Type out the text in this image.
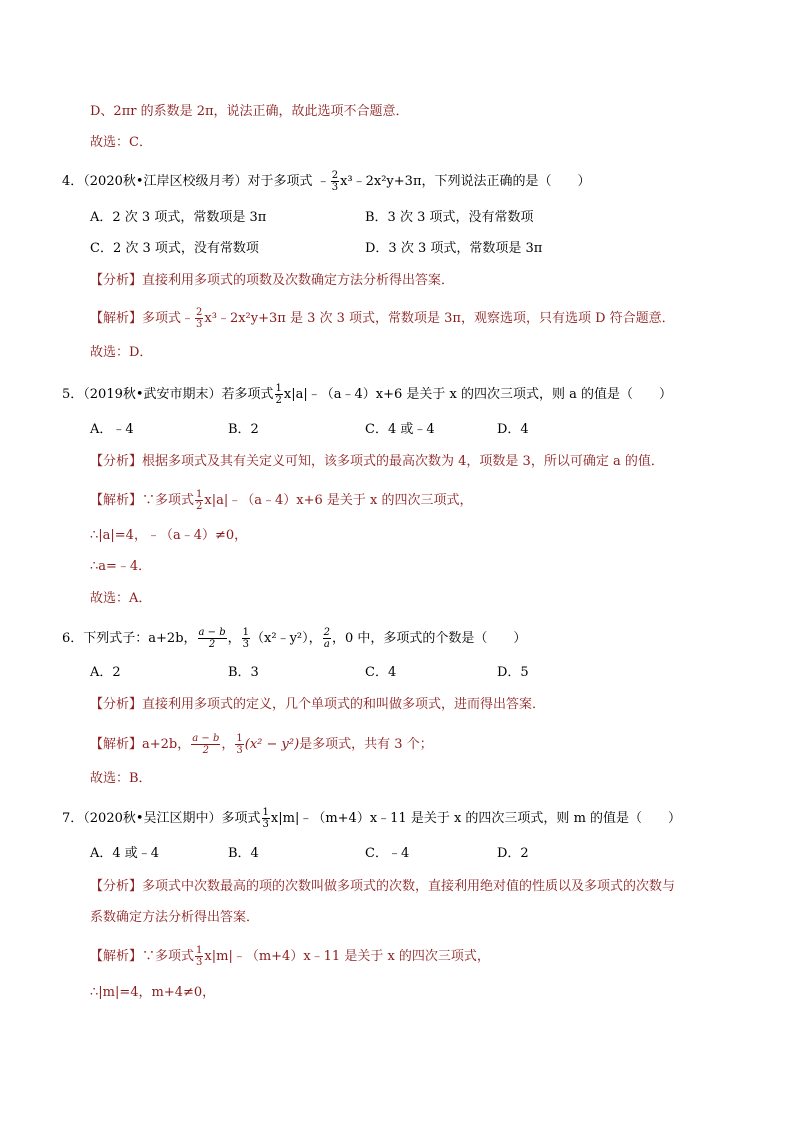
D、2πr 的系数是 2π，说法正确，故此选项不合题意．
故选：C．
4．（2020秋•江岸区校级月考）对于多项式 ﹣ $\frac{2}{3}$ x³﹣2x²y+3π，下列说法正确的是（　　）
A．2 次 3 项式，常数项是 3π	B．3 次 3 项式，没有常数项
C．2 次 3 项式，没有常数项	D．3 次 3 项式，常数项是 3π
【分析】直接利用多项式的项数及次数确定方法分析得出答案．
【解析】多项式﹣ $\frac{2}{3}$ x³﹣2x²y+3π 是 3 次 3 项式，常数项是 3π，观察选项，只有选项 D 符合题意．
故选：D．
5．（2019秋•武安市期末）若多项式 $\frac{1}{2}$ x|a|﹣（a﹣4）x+6 是关于 x 的四次三项式，则 a 的值是（　　）
A．﹣4	B．2	C．4 或﹣4	D．4
【分析】根据多项式及其有关定义可知，该多项式的最高次数为 4，项数是 3，所以可确定 a 的值．
【解析】∵多项式 $\frac{1}{2}$ x|a|﹣（a﹣4）x+6 是关于 x 的四次三项式，
∴|a|=4，﹣（a﹣4）≠0，
∴a=﹣4．
故选：A．
6．下列式子：a+2b， $\frac{a - b}{2}$ ， $\frac{1}{3}$ （x²﹣y²）， $\frac{2}{a}$ ，0 中，多项式的个数是（　　）
A．2	B．3	C．4	D．5
【分析】直接利用多项式的定义，几个单项式的和叫做多项式，进而得出答案．
【解析】a+2b， $\frac{a - b}{2}$ ， $\frac{1}{3} (x^2 - y^2)$是多项式，共有 3 个；
故选：B．
7．（2020秋•吴江区期中）多项式 $\frac{1}{3}$ x|m|﹣（m+4）x﹣11 是关于 x 的四次三项式，则 m 的值是（　　）
A．4 或﹣4	B．4	C．﹣4	D．2
【分析】多项式中次数最高的项的次数叫做多项式的次数，直接利用绝对值的性质以及多项式的次数与
系数确定方法分析得出答案．
【解析】∵多项式 $\frac{1}{3}$ x|m|﹣（m+4）x﹣11 是关于 x 的四次三项式，
∴|m|=4，m+4≠0，
